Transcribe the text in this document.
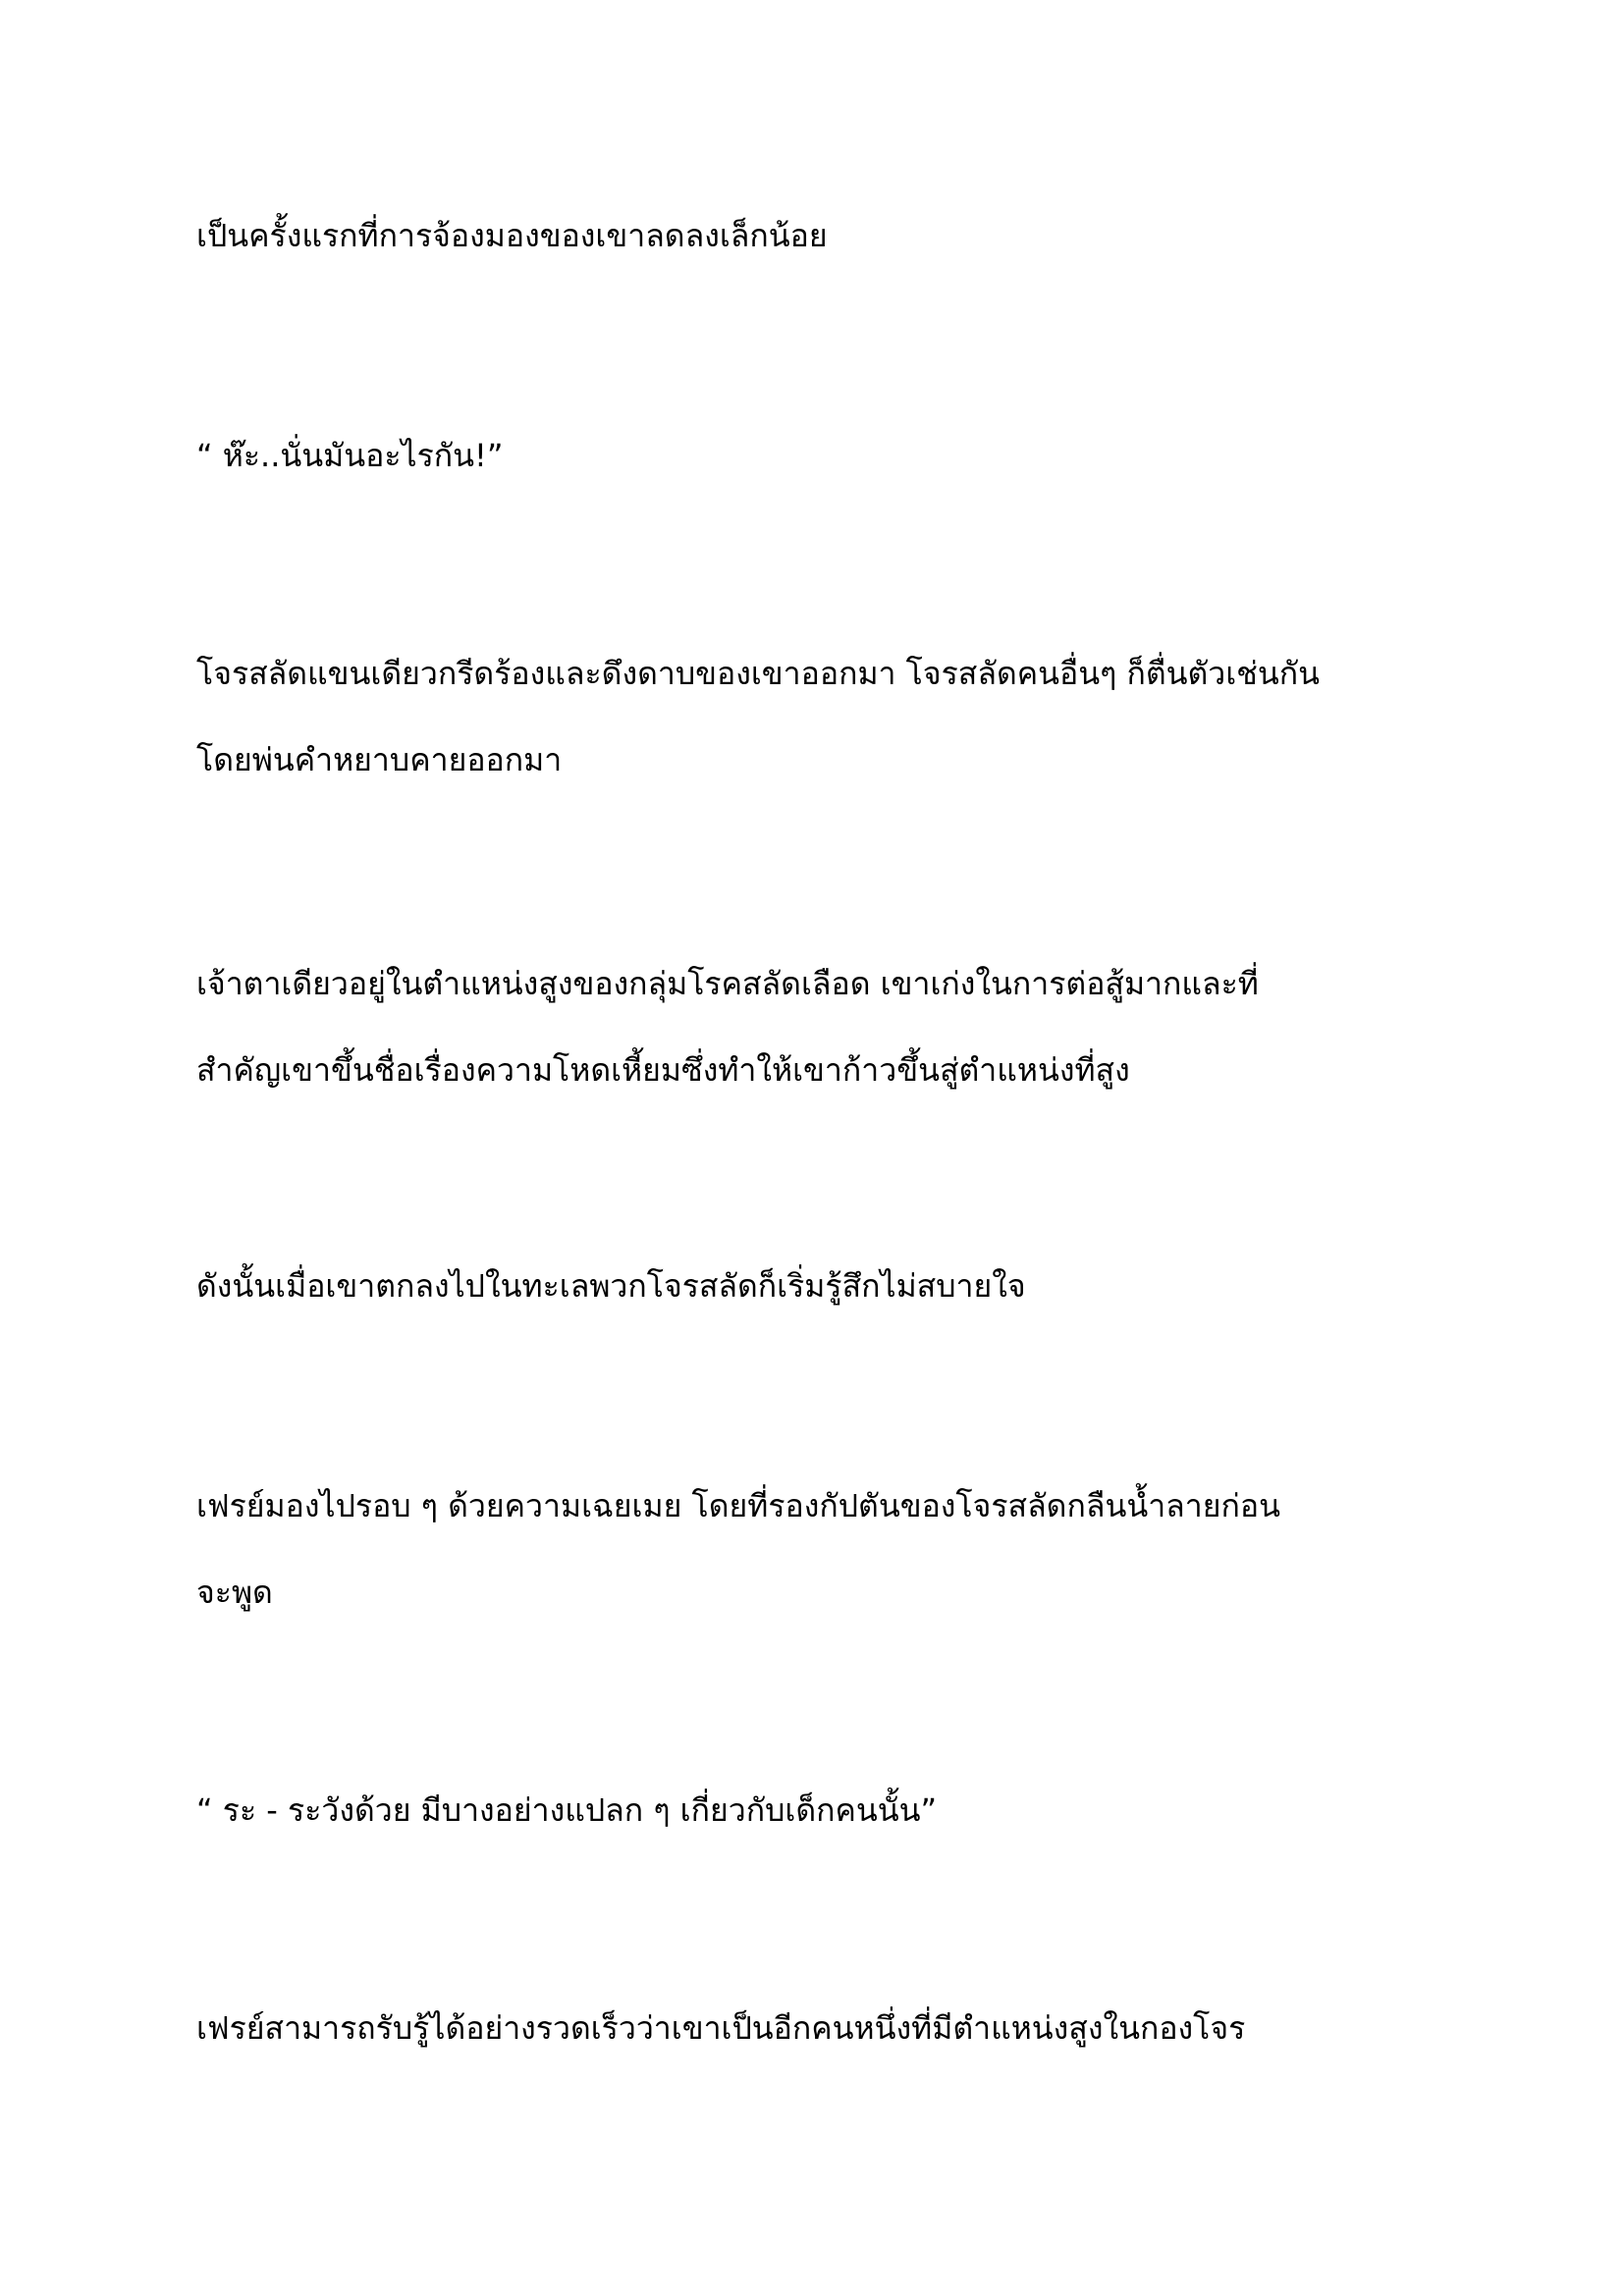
เป็นครั้งแรกที่การจ้องมองของเขาลดลงเล็กน้อย

“ ห๊ะ..นั่นมันอะไรกัน!”

โจรสลัดแขนเดียวกรีดร้องและดึงดาบของเขาออกมา โจรสลัดคนอื่นๆ ก็ตื่นตัวเช่นกัน
โดยพ่นคำหยาบคายออกมา

เจ้าตาเดียวอยู่ในตำแหน่งสูงของกลุ่มโรคสลัดเลือด เขาเก่งในการต่อสู้มากและที่
สำคัญเขาขึ้นชื่อเรื่องความโหดเหี้ยมซึ่งทำให้เขาก้าวขึ้นสู่ตำแหน่งที่สูง

ดังนั้นเมื่อเขาตกลงไปในทะเลพวกโจรสลัดก็เริ่มรู้สึกไม่สบายใจ

เฟรย์มองไปรอบ ๆ ด้วยความเฉยเมย โดยที่รองกัปตันของโจรสลัดกลืนน้ำลายก่อน
จะพูด

“ ระ - ระวังด้วย มีบางอย่างแปลก ๆ เกี่ยวกับเด็กคนนั้น”

เฟรย์สามารถรับรู้ได้อย่างรวดเร็วว่าเขาเป็นอีกคนหนึ่งที่มีตำแหน่งสูงในกองโจร
